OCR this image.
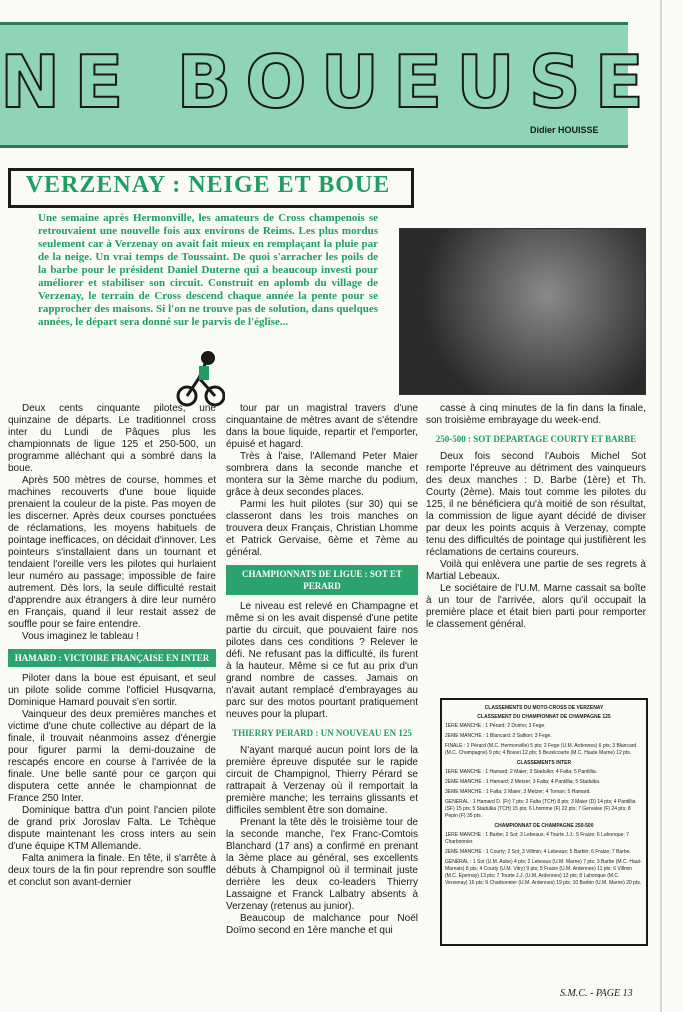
NE BOUEUSE
Didier HOUISSE
VERZENAY : NEIGE ET BOUE
Une semaine après Hermonville, les amateurs de Cross champenois se retrouvaient une nouvelle fois aux environs de Reims. Les plus mordus seulement car à Verzenay on avait fait mieux en remplaçant la pluie par de la neige. Un vrai temps de Toussaint. De quoi s'arracher les poils de la barbe pour le président Daniel Duterne qui a beaucoup investi pour améliorer et stabiliser son circuit. Construit en aplomb du village de Verzenay, le terrain de Cross descend chaque année la pente pour se rapprocher des maisons. Si l'on ne trouve pas de solution, dans quelques années, le départ sera donné sur le parvis de l'église...

Deux cents cinquante pilotes, une quinzaine de départs. Le traditionnel cross inter du Lundi de Pâques plus les championnats de ligue 125 et 250-500, un programme alléchant qui a sombré dans la boue.

Après 500 mètres de course, hommes et machines recouverts d'une boue liquide prenaient la couleur de la piste. Pas moyen de les discerner. Après deux courses ponctuées de réclamations, les moyens habituels de pointage inefficaces, on décidait d'innover. Les pointeurs s'installaient dans un tournant et tendaient l'oreille vers les pilotes qui hurlaient leur numéro au passage; impossible de faire autrement. Dès lors, la seule difficulté restait d'apprendre aux étrangers à dire leur numéro en Français, quand il leur restait assez de souffle pour se faire entendre.

Vous imaginez le tableau !

HAMARD : VICTOIRE FRANÇAISE EN INTER

Piloter dans la boue est épuisant, et seul un pilote solide comme l'officiel Husqvarna, Dominique Hamard pouvait s'en sortir.

Vainqueur des deux premières manches et victime d'une chute collective au départ de la finale, il trouvait néanmoins assez d'énergie pour figurer parmi la demi-douzaine de rescapés encore en course à l'arrivée de la finale. Une belle santé pour ce garçon qui disputera cette année le championnat de France 250 Inter.

Dominique battra d'un point l'ancien pilote de grand prix Joroslav Falta. Le Tchèque dispute maintenant les cross inters au sein d'une équipe KTM Allemande.

Falta animera la finale. En tête, il s'arrête à deux tours de la fin pour reprendre son souffle et conclut son avant-dernier

tour par un magistral travers d'une cinquantaine de mètres avant de s'étendre dans la boue liquide, repartir et l'emporter, épuisé et hagard.

Très à l'aise, l'Allemand Peter Maier sombrera dans la seconde manche et montera sur la 3ème marche du podium, grâce à deux secondes places.

Parmi les huit pilotes (sur 30) qui se classeront dans les trois manches on trouvera deux Français, Christian Lhomme et Patrick Gervaise, 6ème et 7ème au général.

CHAMPIONNATS DE LIGUE : SOT ET PERARD

Le niveau est relevé en Champagne et même si on les avait dispensé d'une petite partie du circuit, que pouvaient faire nos pilotes dans ces conditions ? Relever le défi. Ne refusant pas la difficulté, ils furent à la hauteur. Même si ce fut au prix d'un grand nombre de casses. Jamais on n'avait autant remplacé d'embrayages au parc sur des motos pourtant pratiquement neuves pour la plupart.

THIERRY PERARD : UN NOUVEAU EN 125

N'ayant marqué aucun point lors de la première épreuve disputée sur le rapide circuit de Champignol, Thierry Pérard se rattrapait à Verzenay où il remportait la première manche; les terrains glissants et difficiles semblent être son domaine.

Prenant la tête dès le troisième tour de la seconde manche, l'ex Franc-Comtois Blanchard (17 ans) a confirmé en prenant la 3ème place au général, ses excellents débuts à Champignol où il terminait juste derrière les deux co-leaders Thierry Lassaigne et Franck Lalbatry absents à Verzenay (retenus au junior).

Beaucoup de malchance pour Noël Doïmo second en 1ère manche et qui

casse à cinq minutes de la fin dans la finale, son troisième embrayage du week-end.

250-500 : SOT DEPARTAGE COURTY ET BARBE

Deux fois second l'Aubois Michel Sot remporte l'épreuve au détriment des vainqueurs des deux manches : D. Barbe (1ère) et Th. Courty (2ème). Mais tout comme les pilotes du 125, il ne bénéficiera qu'à moitié de son résultat, la commission de ligue ayant décidé de diviser par deux les points acquis à Verzenay, compte tenu des difficultés de pointage qui justifièrent les réclamations de certains coureurs.

Voilà qui enlèvera une partie de ses regrets à Martial Lebeaux.

Le sociétaire de l'U.M. Marne cassait sa boîte à un tour de l'arrivée, alors qu'il occupait la première place et était bien parti pour remporter le classement général.

CLASSEMENTS DU MOTO-CROSS DE VERZENAY
CLASSEMENT DU CHAMPIONNAT DE CHAMPAGNE 125
1ERE MANCHE : 1 Pérard; 2 Doimo; 3 Fege.
2EME MANCHE : 1 Blancard; 2 Saltion; 3 Fege.
FINALE : 1 Pérard (M.C. Hermonville) 5 pts; 2 Fege (U.M. Ardennes) 6 pts; 3 Blancard (M.C. Champagne) 9 pts; 4 Bouvri 12 pts; 5 Bezelcourte (M.C. Haute Marne) 12 pts.
CLASSEMENTS INTER
1ERE MANCHE : 1 Hamard; 2 Maier; 3 Stadulko; 4 Falta; 5 Pantillia.
2EME MANCHE : 1 Hamard; 2 Metzer; 3 Falta; 4 Pantillia; 5 Stadulka.
3EME MANCHE : 1 Falta; 2 Maier; 3 Metzer; 4 Toman; 5 Hamard.
GENERAL : 1 Hamard D. (Fr) 7 pts; 2 Falta (TCH) 8 pts; 3 Maier (D) 14 pts; 4 Pantillia (SF) 15 pts; 5 Stadulka (TCH) 15 pts; 6 Lhomme (F) 22 pts; 7 Gervaise (F) 24 pts; 8 Pepin (F) 35 pts.
CHAMPIONNAT DE CHAMPAGNE 250-500
1ERE MANCHE : 1 Barbe; 2 Sot; 3 Lebeaux; 4 Tourte J.J.; 5 Fraize; 6 Lahonque; 7 Charbonnier.
2EME MANCHE : 1 Courty; 2 Sot; 3 Villmin; 4 Lebeaux; 5 Barbin; 6 Fraize; 7 Barbe.
GENERAL : 1 Sot (U.M. Aube) 4 pts; 2 Lebeaux (U.M. Marne) 7 pts; 3 Barbe (M.C. Haut-Marnais) 8 pts; 4 Courty (U.M. Vitry) 9 pts; 5 Fraize (U.M. Ardennes) 11 pts; 6 Villmin (M.C. Epernay) 13 pts; 7 Tourte J.J. (U.M. Ardennes) 13 pts; 8 Lahonque (M.C. Verzenay) 16 pts; 9 Charbonnier (U.M. Ardennes) 19 pts; 10 Barbin (U.M. Marne) 20 pts.
S.M.C. - PAGE 13
